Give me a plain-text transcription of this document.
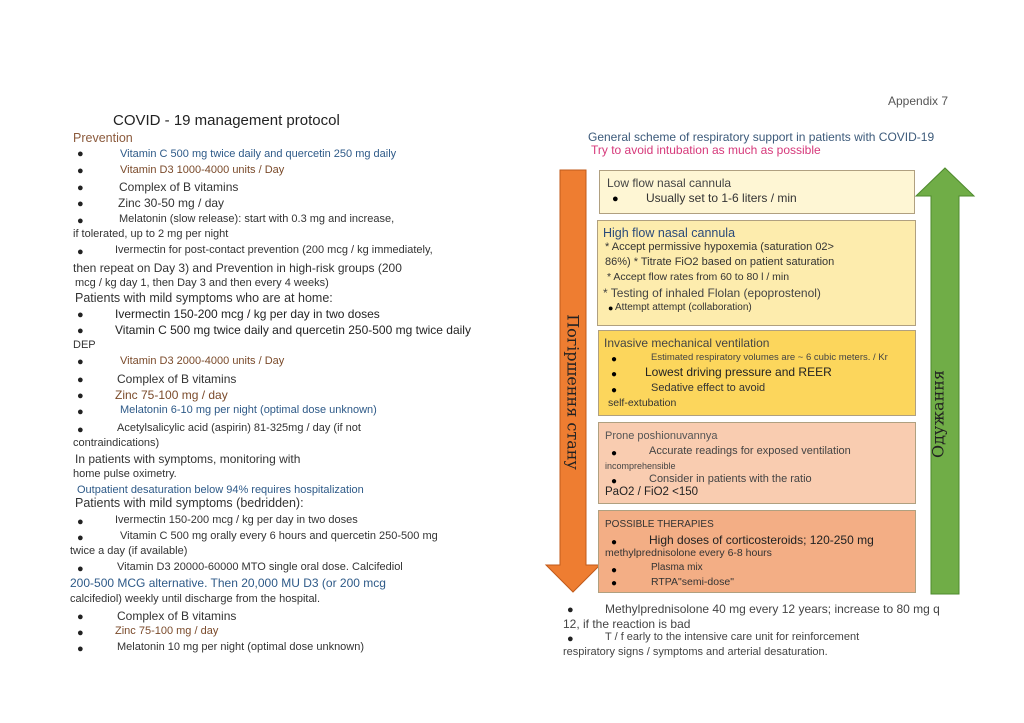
Appendix 7
COVID - 19 management protocol
Prevention
●	Vitamin C 500 mg twice daily and quercetin 250 mg daily
●	Vitamin D3 1000-4000 units / Day
●	Complex of B vitamins
●	Zinc 30-50 mg / day
●	Melatonin (slow release): start with 0.3 mg and increase,
if tolerated, up to 2 mg per night
●	Ivermectin for post-contact prevention (200 mcg / kg immediately,
then repeat on Day 3) and Prevention in high-risk groups (200
mcg / kg day 1, then Day 3 and then every 4 weeks)
Patients with mild symptoms who are at home:
●	Ivermectin 150-200 mcg / kg per day in two doses
●	Vitamin C 500 mg twice daily and quercetin 250-500 mg twice daily
DEP
●	Vitamin D3 2000-4000 units / Day
●	Complex of B vitamins
●	Zinc 75-100 mg / day
●	Melatonin 6-10 mg per night (optimal dose unknown)
●	Acetylsalicylic acid (aspirin) 81-325mg / day (if not
contraindications)
In patients with symptoms, monitoring with
home pulse oximetry.
Outpatient desaturation below 94% requires hospitalization
Patients with mild symptoms (bedridden):
●	Ivermectin 150-200 mcg / kg per day in two doses
●	Vitamin C 500 mg orally every 6 hours and quercetin 250-500 mg
twice a day (if available)
●	Vitamin D3 20000-60000 MTO single oral dose. Calcifediol
200-500 MCG alternative. Then 20,000 MU D3 (or 200 mcg
calcifediol) weekly until discharge from the hospital.
●	Complex of B vitamins
●	Zinc 75-100 mg / day
●	Melatonin 10 mg per night (optimal dose unknown)
General scheme of respiratory support in patients with COVID-19
Try to avoid intubation as much as possible
Погіршення стану	Одужання
Low flow nasal cannula
● Usually set to 1-6 liters / min
High flow nasal cannula
* Accept permissive hypoxemia (saturation 02>
86%) * Titrate FiO2 based on patient saturation
* Accept flow rates from 60 to 80 l / min
* Testing of inhaled Flolan (epoprostenol)
● Attempt attempt (collaboration)
Invasive mechanical ventilation
●	Estimated respiratory volumes are ~ 6 cubic meters. / Kr
● Lowest driving pressure and REER
●	Sedative effect to avoid
self-extubation
Prone poshionuvannya
●	Accurate readings for exposed ventilation
incomprehensible
●	Consider in patients with the ratio
PaO2 / FiO2 <150
POSSIBLE THERAPIES
●	High doses of corticosteroids; 120-250 mg
methylprednisolone every 6-8 hours
●	Plasma mix
●	RTPA"semi-dose"
●	Methylprednisolone 40 mg every 12 years; increase to 80 mg q
12, if the reaction is bad
●	T / f early to the intensive care unit for reinforcement
respiratory signs / symptoms and arterial desaturation.
